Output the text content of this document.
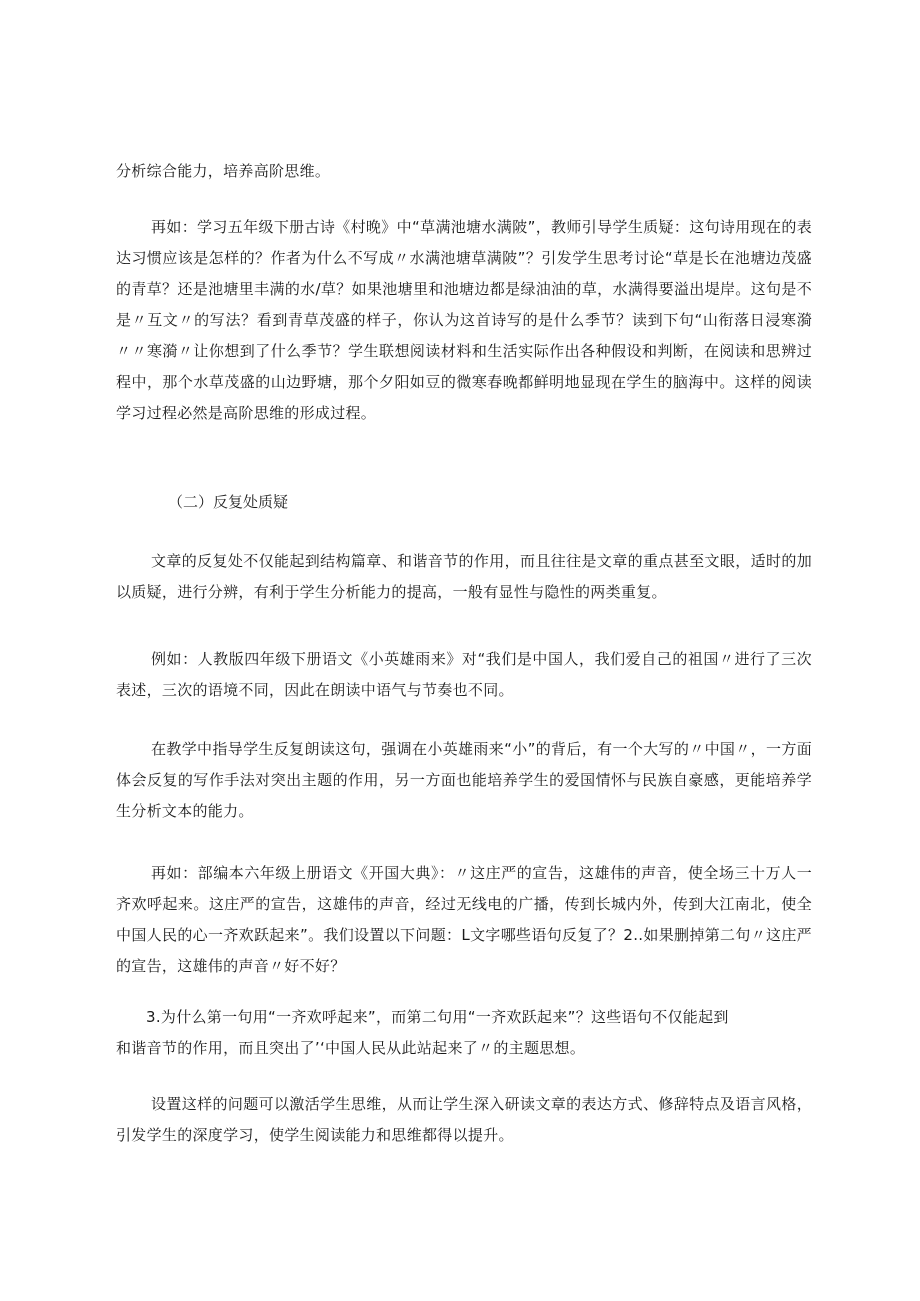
分析综合能力，培养高阶思维。

再如：学习五年级下册古诗《村晚》中“草满池塘水满陂”，教师引导学生质疑：这句诗用现在的表达习惯应该是怎样的？作者为什么不写成〃水满池塘草满陂”？引发学生思考讨论“草是长在池塘边茂盛的青草？还是池塘里丰满的水/草？如果池塘里和池塘边都是绿油油的草，水满得要溢出堤岸。这句是不是〃互文〃的写法？看到青草茂盛的样子，你认为这首诗写的是什么季节？读到下句“山衔落日浸寒漪〃〃寒漪〃让你想到了什么季节？学生联想阅读材料和生活实际作出各种假设和判断，在阅读和思辨过程中，那个水草茂盛的山边野塘，那个夕阳如豆的微寒春晚都鲜明地显现在学生的脑海中。这样的阅读学习过程必然是高阶思维的形成过程。

（二）反复处质疑

文章的反复处不仅能起到结构篇章、和谐音节的作用，而且往往是文章的重点甚至文眼，适时的加以质疑，进行分辨，有利于学生分析能力的提高，一般有显性与隐性的两类重复。

例如：人教版四年级下册语文《小英雄雨来》对“我们是中国人，我们爱自己的祖国〃进行了三次表述，三次的语境不同，因此在朗读中语气与节奏也不同。

在教学中指导学生反复朗读这句，强调在小英雄雨来“小”的背后，有一个大写的〃中国〃，一方面体会反复的写作手法对突出主题的作用，另一方面也能培养学生的爱国情怀与民族自豪感，更能培养学生分析文本的能力。

再如：部编本六年级上册语文《开国大典》：〃这庄严的宣告，这雄伟的声音，使全场三十万人一齐欢呼起来。这庄严的宣告，这雄伟的声音，经过无线电的广播，传到长城内外，传到大江南北，使全中国人民的心一齐欢跃起来”。我们设置以下问题：L文字哪些语句反复了？2..如果删掉第二句〃这庄严的宣告，这雄伟的声音〃好不好？

3.为什么第一句用“一齐欢呼起来”，而第二句用“一齐欢跃起来”？这些语句不仅能起到
和谐音节的作用，而且突出了’‘中国人民从此站起来了〃的主题思想。

设置这样的问题可以激活学生思维，从而让学生深入研读文章的表达方式、修辞特点及语言风格，引发学生的深度学习，使学生阅读能力和思维都得以提升。
